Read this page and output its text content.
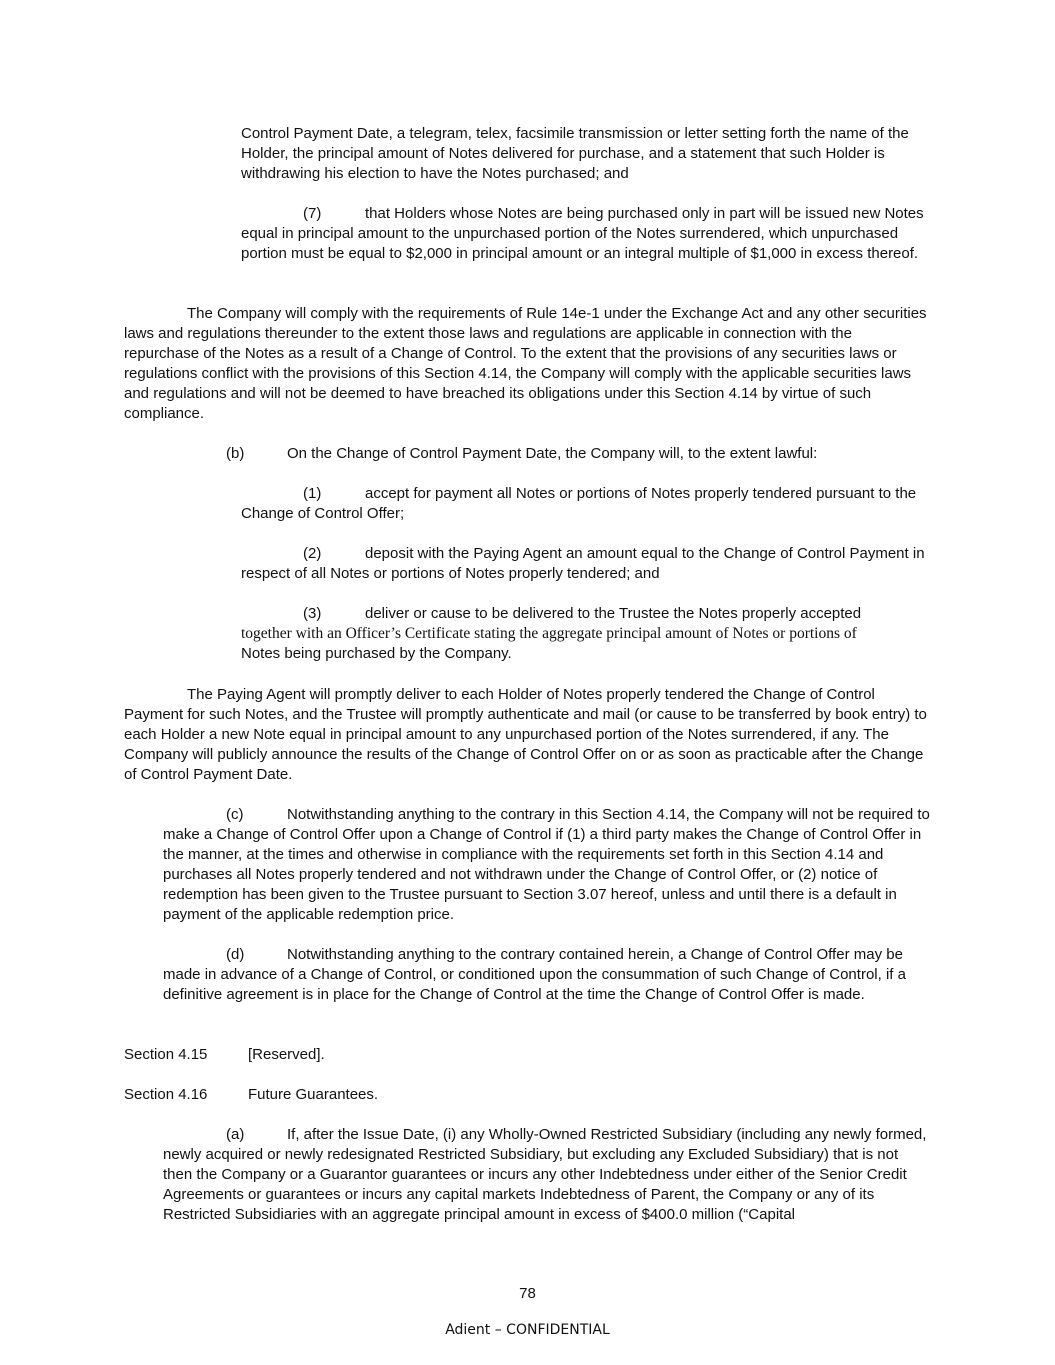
Control Payment Date, a telegram, telex, facsimile transmission or letter setting forth the name of the Holder, the principal amount of Notes delivered for purchase, and a statement that such Holder is withdrawing his election to have the Notes purchased; and

(7)	that Holders whose Notes are being purchased only in part will be issued new Notes equal in principal amount to the unpurchased portion of the Notes surrendered, which unpurchased portion must be equal to $2,000 in principal amount or an integral multiple of $1,000 in excess thereof.

The Company will comply with the requirements of Rule 14e-1 under the Exchange Act and any other securities laws and regulations thereunder to the extent those laws and regulations are applicable in connection with the repurchase of the Notes as a result of a Change of Control. To the extent that the provisions of any securities laws or regulations conflict with the provisions of this Section 4.14, the Company will comply with the applicable securities laws and regulations and will not be deemed to have breached its obligations under this Section 4.14 by virtue of such compliance.

(b)	On the Change of Control Payment Date, the Company will, to the extent lawful:

(1)	accept for payment all Notes or portions of Notes properly tendered pursuant to the Change of Control Offer;

(2)	deposit with the Paying Agent an amount equal to the Change of Control Payment in respect of all Notes or portions of Notes properly tendered; and

(3)	deliver or cause to be delivered to the Trustee the Notes properly accepted
together with an Officer’s Certificate stating the aggregate principal amount of Notes or portions of
Notes being purchased by the Company.

The Paying Agent will promptly deliver to each Holder of Notes properly tendered the Change of Control Payment for such Notes, and the Trustee will promptly authenticate and mail (or cause to be transferred by book entry) to each Holder a new Note equal in principal amount to any unpurchased portion of the Notes surrendered, if any. The Company will publicly announce the results of the Change of Control Offer on or as soon as practicable after the Change of Control Payment Date.

(c)	Notwithstanding anything to the contrary in this Section 4.14, the Company will not be required to make a Change of Control Offer upon a Change of Control if (1) a third party makes the Change of Control Offer in the manner, at the times and otherwise in compliance with the requirements set forth in this Section 4.14 and purchases all Notes properly tendered and not withdrawn under the Change of Control Offer, or (2) notice of redemption has been given to the Trustee pursuant to Section 3.07 hereof, unless and until there is a default in payment of the applicable redemption price.

(d)	Notwithstanding anything to the contrary contained herein, a Change of Control Offer may be made in advance of a Change of Control, or conditioned upon the consummation of such Change of Control, if a definitive agreement is in place for the Change of Control at the time the Change of Control Offer is made.

Section 4.15	[Reserved].
Section 4.16	Future Guarantees.

(a)	If, after the Issue Date, (i) any Wholly-Owned Restricted Subsidiary (including any newly formed, newly acquired or newly redesignated Restricted Subsidiary, but excluding any Excluded Subsidiary) that is not then the Company or a Guarantor guarantees or incurs any other Indebtedness under either of the Senior Credit Agreements or guarantees or incurs any capital markets Indebtedness of Parent, the Company or any of its Restricted Subsidiaries with an aggregate principal amount in excess of $400.0 million (“Capital

78
Adient – CONFIDENTIAL
